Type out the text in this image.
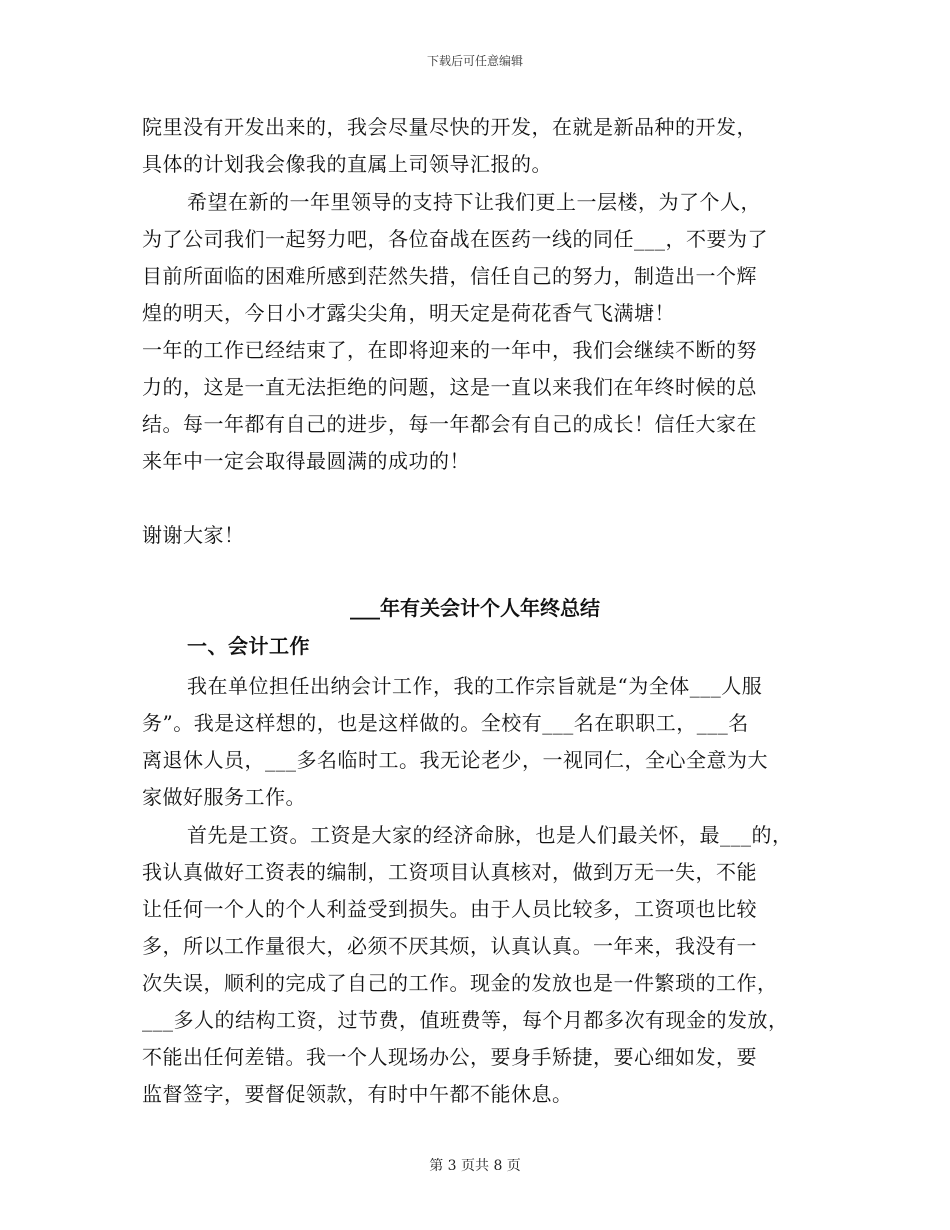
下载后可任意编辑
院里没有开发出来的，我会尽量尽快的开发，在就是新品种的开发，
具体的计划我会像我的直属上司领导汇报的。
希望在新的一年里领导的支持下让我们更上一层楼，为了个人，
为了公司我们一起努力吧，各位奋战在医药一线的同任___，不要为了
目前所面临的困难所感到茫然失措，信任自己的努力，制造出一个辉
煌的明天，今日小才露尖尖角，明天定是荷花香气飞满塘！
一年的工作已经结束了，在即将迎来的一年中，我们会继续不断的努
力的，这是一直无法拒绝的问题，这是一直以来我们在年终时候的总
结。每一年都有自己的进步，每一年都会有自己的成长！信任大家在
来年中一定会取得最圆满的成功的！
谢谢大家！
___年有关会计个人年终总结
一、会计工作
我在单位担任出纳会计工作，我的工作宗旨就是“为全体___人服
务”。我是这样想的，也是这样做的。全校有___名在职职工，___名
离退休人员，___多名临时工。我无论老少，一视同仁，全心全意为大
家做好服务工作。
首先是工资。工资是大家的经济命脉，也是人们最关怀，最___的，
我认真做好工资表的编制，工资项目认真核对，做到万无一失，不能
让任何一个人的个人利益受到损失。由于人员比较多，工资项也比较
多，所以工作量很大，必须不厌其烦，认真认真。一年来，我没有一
次失误，顺利的完成了自己的工作。现金的发放也是一件繁琐的工作，
___多人的结构工资，过节费，值班费等，每个月都多次有现金的发放，
不能出任何差错。我一个人现场办公，要身手矫捷，要心细如发，要
监督签字，要督促领款，有时中午都不能休息。
第 3 页共 8 页
